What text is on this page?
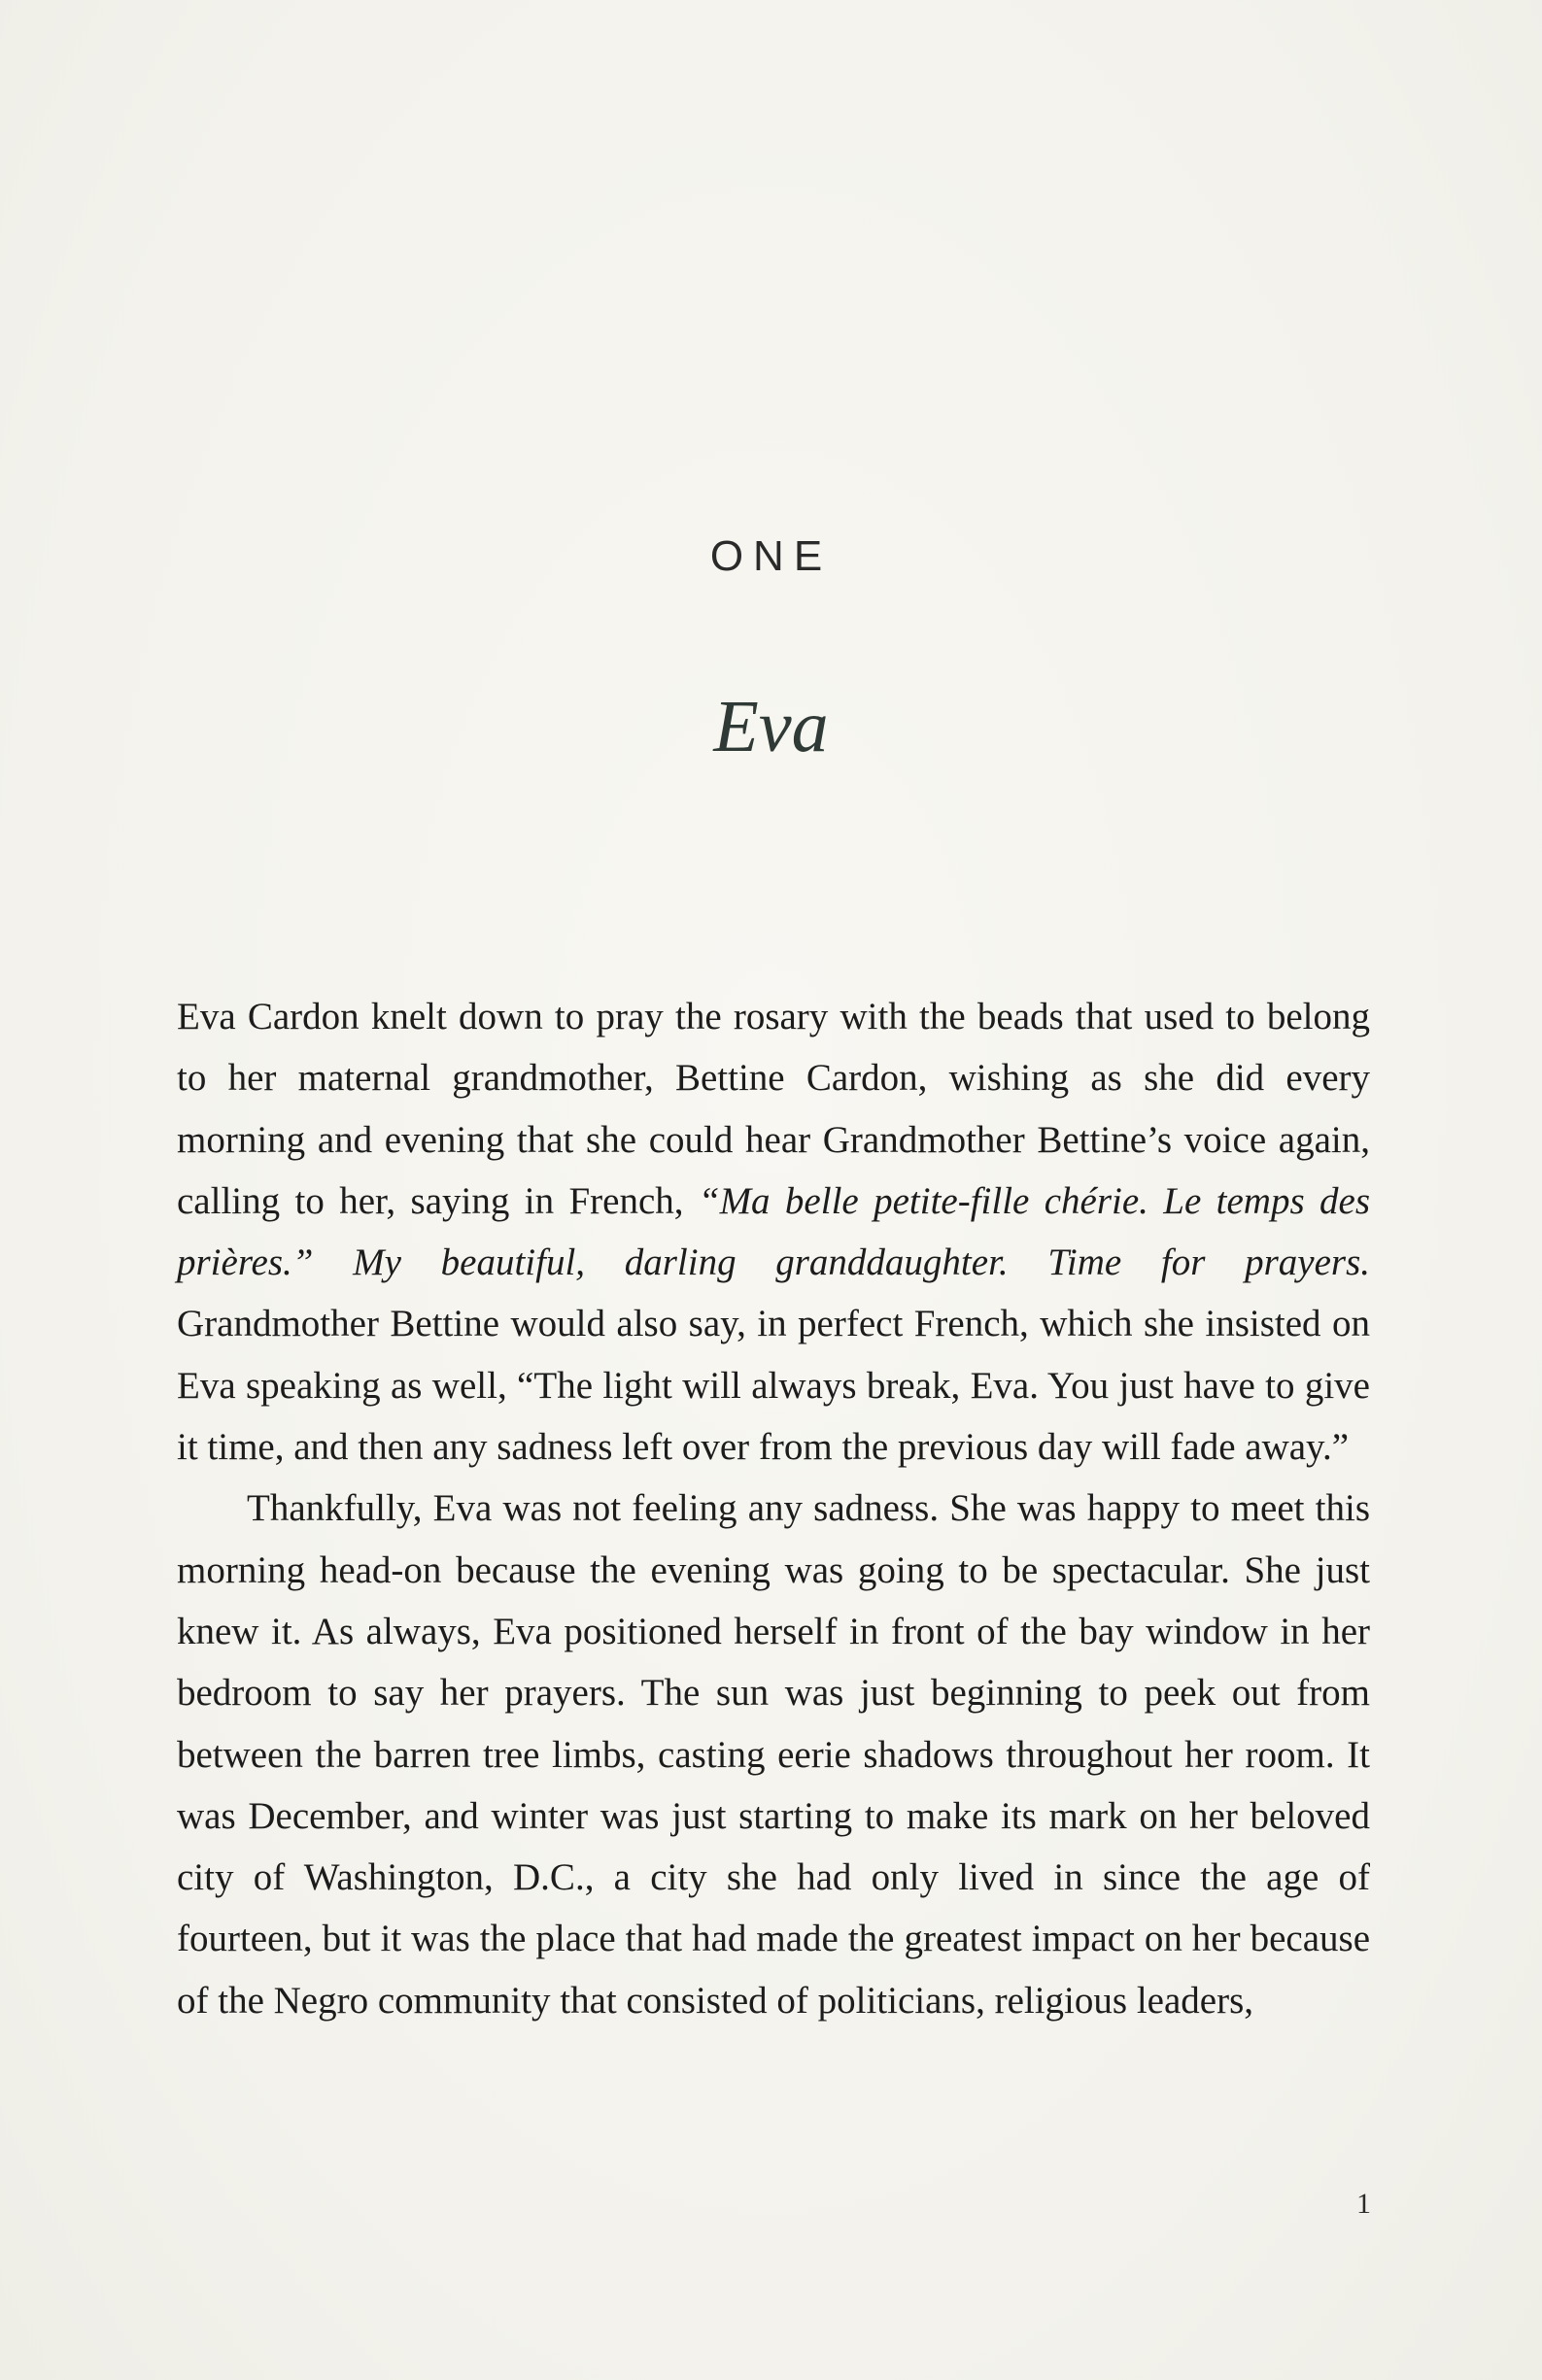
ONE
Eva

Eva Cardon knelt down to pray the rosary with the beads that used to belong to her maternal grandmother, Bettine Cardon, wishing as she did every morning and evening that she could hear Grandmother Bettine’s voice again, calling to her, saying in French, “Ma belle petite-fille chérie. Le temps des prières.” My beautiful, darling granddaughter. Time for prayers. Grandmother Bettine would also say, in perfect French, which she insisted on Eva speaking as well, “The light will always break, Eva. You just have to give it time, and then any sadness left over from the previous day will fade away.”

Thankfully, Eva was not feeling any sadness. She was happy to meet this morning head-on because the evening was going to be spectacular. She just knew it. As always, Eva positioned herself in front of the bay window in her bedroom to say her prayers. The sun was just beginning to peek out from between the barren tree limbs, casting eerie shadows throughout her room. It was December, and winter was just starting to make its mark on her beloved city of Washington, D.C., a city she had only lived in since the age of fourteen, but it was the place that had made the greatest impact on her because of the Negro community that consisted of politicians, religious leaders,

1
